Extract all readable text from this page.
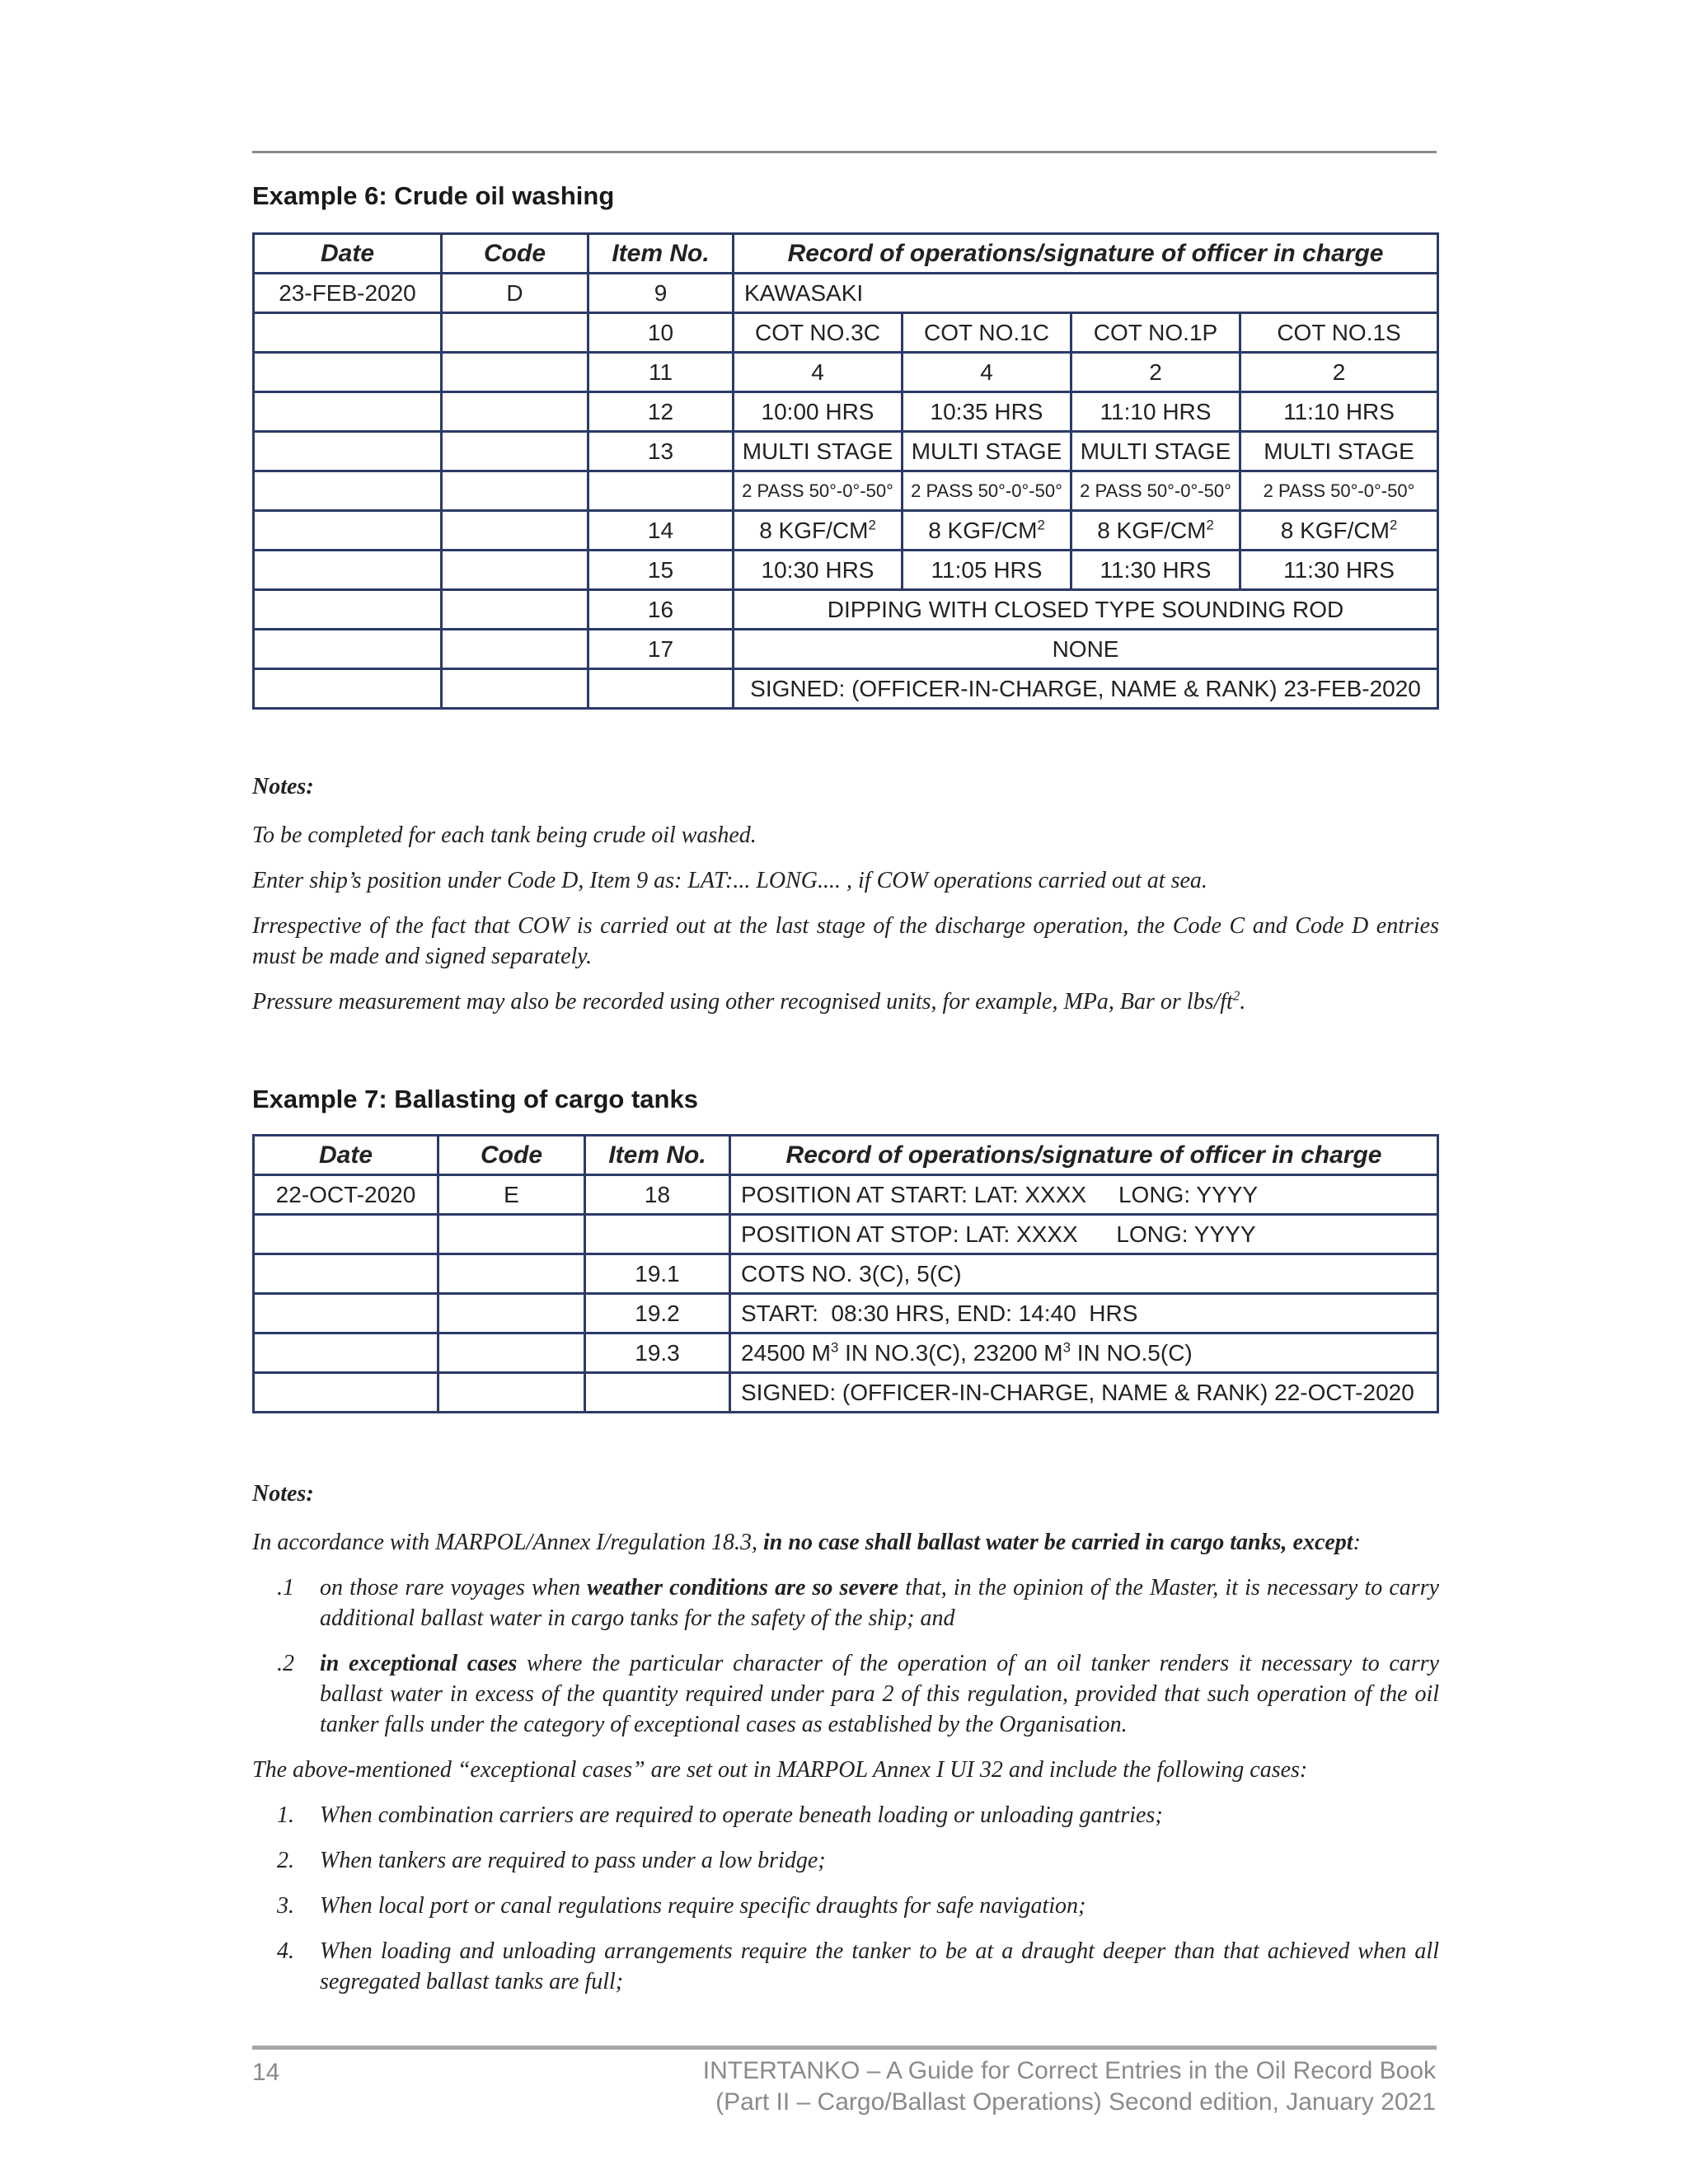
Example 6: Crude oil washing
Date	Code	Item No.	Record of operations/signature of officer in charge			
23-FEB-2020	D	9	KAWASAKI			
		10	COT NO.3C	COT NO.1C	COT NO.1P	COT NO.1S
		11	4	4	2	2
		12	10:00 HRS	10:35 HRS	11:10 HRS	11:10 HRS
		13	MULTI STAGE	MULTI STAGE	MULTI STAGE	MULTI STAGE
			2 PASS 50°-0°-50°	2 PASS 50°-0°-50°	2 PASS 50°-0°-50°	2 PASS 50°-0°-50°
		14	8 KGF/$CM^2$	8 KGF/$CM^2$	8 KGF/$CM^2$	8 KGF/$CM^2$
		15	10:30 HRS	11:05 HRS	11:30 HRS	11:30 HRS
		16	DIPPING WITH CLOSED TYPE SOUNDING ROD			
		17	NONE			
			SIGNED: (OFFICER-IN-CHARGE, NAME & RANK) 23-FEB-2020			

Notes:

To be completed for each tank being crude oil washed.

Enter ship’s position under Code D, Item 9 as: LAT:... LONG.... , if COW operations carried out at sea.

Irrespective of the fact that COW is carried out at the last stage of the discharge operation, the Code C and Code D entries must be made and signed separately.

Pressure measurement may also be recorded using other recognised units, for example, MPa, Bar or lbs/$ft^2$.

Example 7: Ballasting of cargo tanks
Date	Code	Item No.	Record of operations/signature of officer in charge
22-OCT-2020	E	18	POSITION AT START: LAT: XXXX     LONG: YYYY
			POSITION AT STOP: LAT: XXXX      LONG: YYYY
		19.1	COTS NO. 3(C), 5(C)
		19.2	START:  08:30 HRS, END: 14:40  HRS
		19.3	24500 $M^3$ IN NO.3(C), 23200 $M^3$ IN NO.5(C)
			SIGNED: (OFFICER-IN-CHARGE, NAME & RANK) 22-OCT-2020

Notes:

In accordance with MARPOL/Annex I/regulation 18.3, in no case shall ballast water be carried in cargo tanks, except:

.1	on those rare voyages when weather conditions are so severe that, in the opinion of the Master, it is necessary to carry additional ballast water in cargo tanks for the safety of the ship; and
.2	in exceptional cases where the particular character of the operation of an oil tanker renders it necessary to carry ballast water in excess of the quantity required under para 2 of this regulation, provided that such operation of the oil tanker falls under the category of exceptional cases as established by the Organisation.

The above-mentioned “exceptional cases” are set out in MARPOL Annex I UI 32 and include the following cases:

1.	When combination carriers are required to operate beneath loading or unloading gantries;
2.	When tankers are required to pass under a low bridge;
3.	When local port or canal regulations require specific draughts for safe navigation;
4.	When loading and unloading arrangements require the tanker to be at a draught deeper than that achieved when all segregated ballast tanks are full;
14	INTERTANKO – A Guide for Correct Entries in the Oil Record Book
(Part II – Cargo/Ballast Operations) Second edition, January 2021
